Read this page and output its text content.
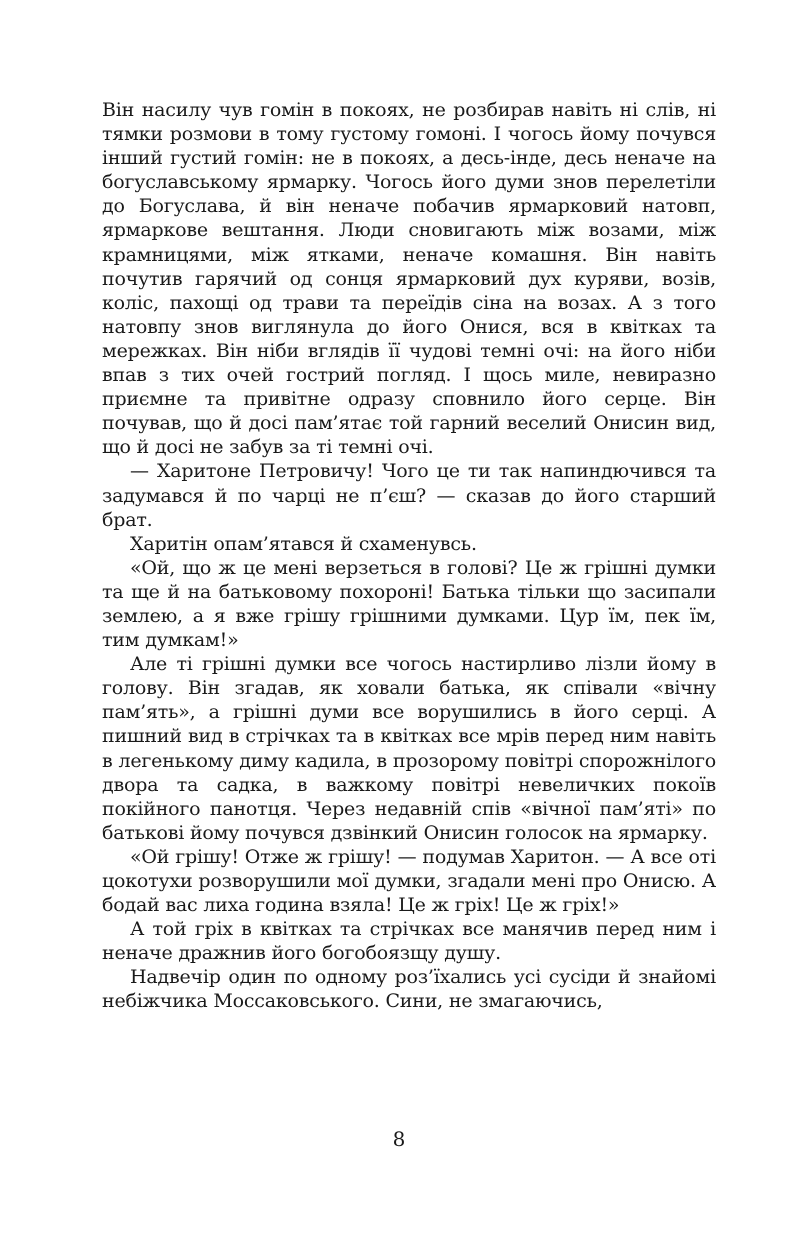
Він насилу чув гомін в покоях, не розбирав навіть ні слів, ні тямки розмови в тому густому гомоні. І чогось йому почувся інший густий гомін: не в покоях, а десь-інде, десь неначе на богуславському ярмарку. Чогось його думи знов перелетіли до Богуслава, й він неначе побачив ярмарковий натовп, ярмаркове вештання. Люди сновигають між возами, між крамницями, між ятками, неначе комашня. Він навіть почутив гарячий од сонця ярмарковий дух куряви, возів, коліс, пахощі од трави та переїдів сіна на возах. А з того натовпу знов виглянула до його Онися, вся в квітках та мережках. Він ніби вглядів її чудові темні очі: на його ніби впав з тих очей гострий погляд. І щось миле, невиразно приємне та привітне одразу сповнило його серце. Він почував, що й досі пам’ятає той гарний веселий Онисин вид, що й досі не забув за ті темні очі.

— Харитоне Петровичу! Чого це ти так напиндючився та задумався й по чарці не п’єш? — сказав до його старший брат.

Харитін опам’ятався й схаменувсь.

«Ой, що ж це мені верзеться в голові? Це ж грішні думки та ще й на батьковому похороні! Батька тільки що засипали землею, а я вже грішу грішними думками. Цур їм, пек їм, тим думкам!»

Але ті грішні думки все чогось настирливо лізли йому в голову. Він згадав, як ховали батька, як співали «вічну пам’ять», а грішні думи все ворушились в його серці. А пишний вид в стрічках та в квітках все мрів перед ним навіть в легенькому диму кадила, в прозорому повітрі спорожнілого двора та садка, в важкому повітрі невеличких покоїв покійного панотця. Через недавній спів «вічної пам’яті» по батькові йому почувся дзвінкий Онисин голосок на ярмарку.

«Ой грішу! Отже ж грішу! — подумав Харитон. — А все оті цокотухи розворушили мої думки, згадали мені про Онисю. А бодай вас лиха година взяла! Це ж гріх! Це ж гріх!»

А той гріх в квітках та стрічках все манячив перед ним і неначе дражнив його богобоязщу душу.

Надвечір один по одному роз’їхались усі сусіди й знайомі небіжчика Моссаковського. Сини, не змагаючись,

8
